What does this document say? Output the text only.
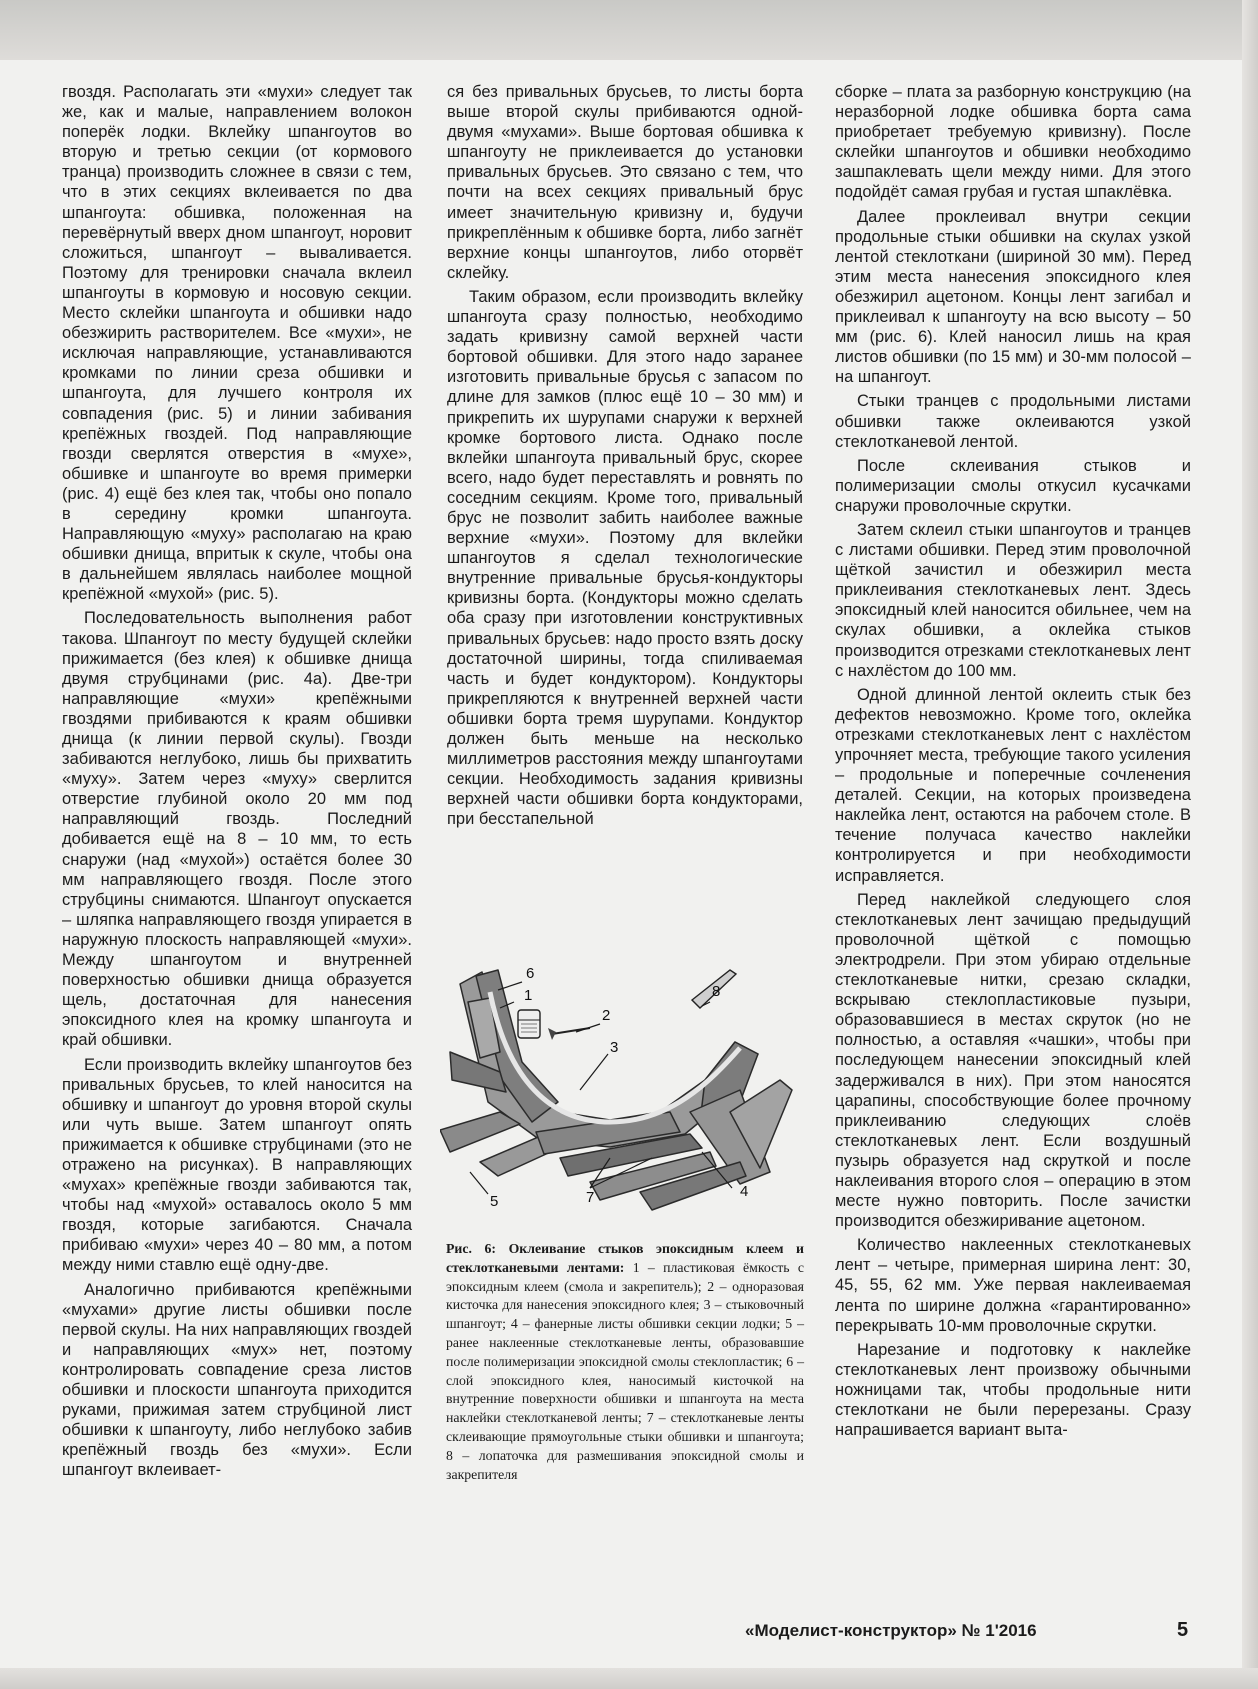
гвоздя. Располагать эти «мухи» следует так же, как и малые, направлением волокон поперёк лодки. Вклейку шпангоутов во вторую и третью секции (от кормового транца) производить сложнее в связи с тем, что в этих секциях вклеивается по два шпангоута: обшивка, положенная на перевёрнутый вверх дном шпангоут, норовит сложиться, шпангоут – вываливается. Поэтому для тренировки сначала вклеил шпангоуты в кормовую и носовую секции. Место склейки шпангоута и обшивки надо обезжирить растворителем. Все «мухи», не исключая направляющие, устанавливаются кромками по линии среза обшивки и шпангоута, для лучшего контроля их совпадения (рис. 5) и линии забивания крепёжных гвоздей. Под направляющие гвозди сверлятся отверстия в «мухе», обшивке и шпангоуте во время примерки (рис. 4) ещё без клея так, чтобы оно попало в середину кромки шпангоута. Направляющую «муху» располагаю на краю обшивки днища, впритык к скуле, чтобы она в дальнейшем являлась наиболее мощной крепёжной «мухой» (рис. 5).

Последовательность выполнения работ такова. Шпангоут по месту будущей склейки прижимается (без клея) к обшивке днища двумя струбцинами (рис. 4а). Две-три направляющие «мухи» крепёжными гвоздями прибиваются к краям обшивки днища (к линии первой скулы). Гвозди забиваются неглубоко, лишь бы прихватить «муху». Затем через «муху» сверлится отверстие глубиной около 20 мм под направляющий гвоздь. Последний добивается ещё на 8 – 10 мм, то есть снаружи (над «мухой») остаётся более 30 мм направляющего гвоздя. После этого струбцины снимаются. Шпангоут опускается – шляпка направляющего гвоздя упирается в наружную плоскость направляющей «мухи». Между шпангоутом и внутренней поверхностью обшивки днища образуется щель, достаточная для нанесения эпоксидного клея на кромку шпангоута и край обшивки.

Если производить вклейку шпангоутов без привальных брусьев, то клей наносится на обшивку и шпангоут до уровня второй скулы или чуть выше. Затем шпангоут опять прижимается к обшивке струбцинами (это не отражено на рисунках). В направляющих «мухах» крепёжные гвозди забиваются так, чтобы над «мухой» оставалось около 5 мм гвоздя, которые загибаются. Сначала прибиваю «мухи» через 40 – 80 мм, а потом между ними ставлю ещё одну-две.

Аналогично прибиваются крепёжными «мухами» другие листы обшивки после первой скулы. На них направляющих гвоздей и направляющих «мух» нет, поэтому контролировать совпадение среза листов обшивки и плоскости шпангоута приходится руками, прижимая затем струбциной лист обшивки к шпангоуту, либо неглубоко забив крепёжный гвоздь без «мухи». Если шпангоут вклеивает-

ся без привальных брусьев, то листы борта выше второй скулы прибиваются одной-двумя «мухами». Выше бортовая обшивка к шпангоуту не приклеивается до установки привальных брусьев. Это связано с тем, что почти на всех секциях привальный брус имеет значительную кривизну и, будучи прикреплённым к обшивке борта, либо загнёт верхние концы шпангоутов, либо оторвёт склейку.

Таким образом, если производить вклейку шпангоута сразу полностью, необходимо задать кривизну самой верхней части бортовой обшивки. Для этого надо заранее изготовить привальные брусья с запасом по длине для замков (плюс ещё 10 – 30 мм) и прикрепить их шурупами снаружи к верхней кромке бортового листа. Однако после вклейки шпангоута привальный брус, скорее всего, надо будет переставлять и ровнять по соседним секциям. Кроме того, привальный брус не позволит забить наиболее важные верхние «мухи». Поэтому для вклейки шпангоутов я сделал технологические внутренние привальные брусья-кондукторы кривизны борта. (Кондукторы можно сделать оба сразу при изготовлении конструктивных привальных брусьев: надо просто взять доску достаточной ширины, тогда спиливаемая часть и будет кондуктором). Кондукторы прикрепляются к внутренней верхней части обшивки борта тремя шурупами. Кондуктор должен быть меньше на несколько миллиметров расстояния между шпангоутами секции. Необходимость задания кривизны верхней части обшивки борта кондукторами, при бесстапельной

сборке – плата за разборную конструкцию (на неразборной лодке обшивка борта сама приобретает требуемую кривизну). После склейки шпангоутов и обшивки необходимо зашпаклевать щели между ними. Для этого подойдёт самая грубая и густая шпаклёвка.

Далее проклеивал внутри секции продольные стыки обшивки на скулах узкой лентой стеклоткани (шириной 30 мм). Перед этим места нанесения эпоксидного клея обезжирил ацетоном. Концы лент загибал и приклеивал к шпангоуту на всю высоту – 50 мм (рис. 6). Клей наносил лишь на края листов обшивки (по 15 мм) и 30-мм полосой – на шпангоут.

Стыки транцев с продольными листами обшивки также оклеиваются узкой стеклотканевой лентой.

После склеивания стыков и полимеризации смолы откусил кусачками снаружи проволочные скрутки.

Затем склеил стыки шпангоутов и транцев с листами обшивки. Перед этим проволочной щёткой зачистил и обезжирил места приклеивания стеклотканевых лент. Здесь эпоксидный клей наносится обильнее, чем на скулах обшивки, а оклейка стыков производится отрезками стеклотканевых лент с нахлёстом до 100 мм.

Одной длинной лентой оклеить стык без дефектов невозможно. Кроме того, оклейка отрезками стеклотканевых лент с нахлёстом упрочняет места, требующие такого усиления – продольные и поперечные сочленения деталей. Секции, на которых произведена наклейка лент, остаются на рабочем столе. В течение получаса качество наклейки контролируется и при необходимости исправляется.

Перед наклейкой следующего слоя стеклотканевых лент зачищаю предыдущий проволочной щёткой с помощью электродрели. При этом убираю отдельные стеклотканевые нитки, срезаю складки, вскрываю стеклопластиковые пузыри, образовавшиеся в местах скруток (но не полностью, а оставляя «чашки», чтобы при последующем нанесении эпоксидный клей задерживался в них). При этом наносятся царапины, способствующие более прочному приклеиванию следующих слоёв стеклотканевых лент. Если воздушный пузырь образуется над скруткой и после наклеивания второго слоя – операцию в этом месте нужно повторить. После зачистки производится обезжиривание ацетоном.

Количество наклеенных стеклотканевых лент – четыре, примерная ширина лент: 30, 45, 55, 62 мм. Уже первая наклеиваемая лента по ширине должна «гарантированно» перекрывать 10-мм проволочные скрутки.

Нарезание и подготовку к наклейке стеклотканевых лент произвожу обычными ножницами так, чтобы продольные нити стеклоткани не были перерезаны. Сразу напрашивается вариант выта-

1
2
3
4
5
6
7
8
Рис. 6: Оклеивание стыков эпоксидным клеем и стеклотканевыми лентами: 1 – пластиковая ёмкость с эпоксидным клеем (смола и закрепитель); 2 – одноразовая кисточка для нанесения эпоксидного клея; 3 – стыковочный шпангоут; 4 – фанерные листы обшивки секции лодки; 5 – ранее наклеенные стеклотканевые ленты, образовавшие после полимеризации эпоксидной смолы стеклопластик; 6 – слой эпоксидного клея, наносимый кисточкой на внутренние поверхности обшивки и шпангоута на места наклейки стеклотканевой ленты; 7 – стеклотканевые ленты склеивающие прямоугольные стыки обшивки и шпангоута; 8 – лопаточка для размешивания эпоксидной смолы и закрепителя
«Моделист-конструктор» № 1'2016	5
